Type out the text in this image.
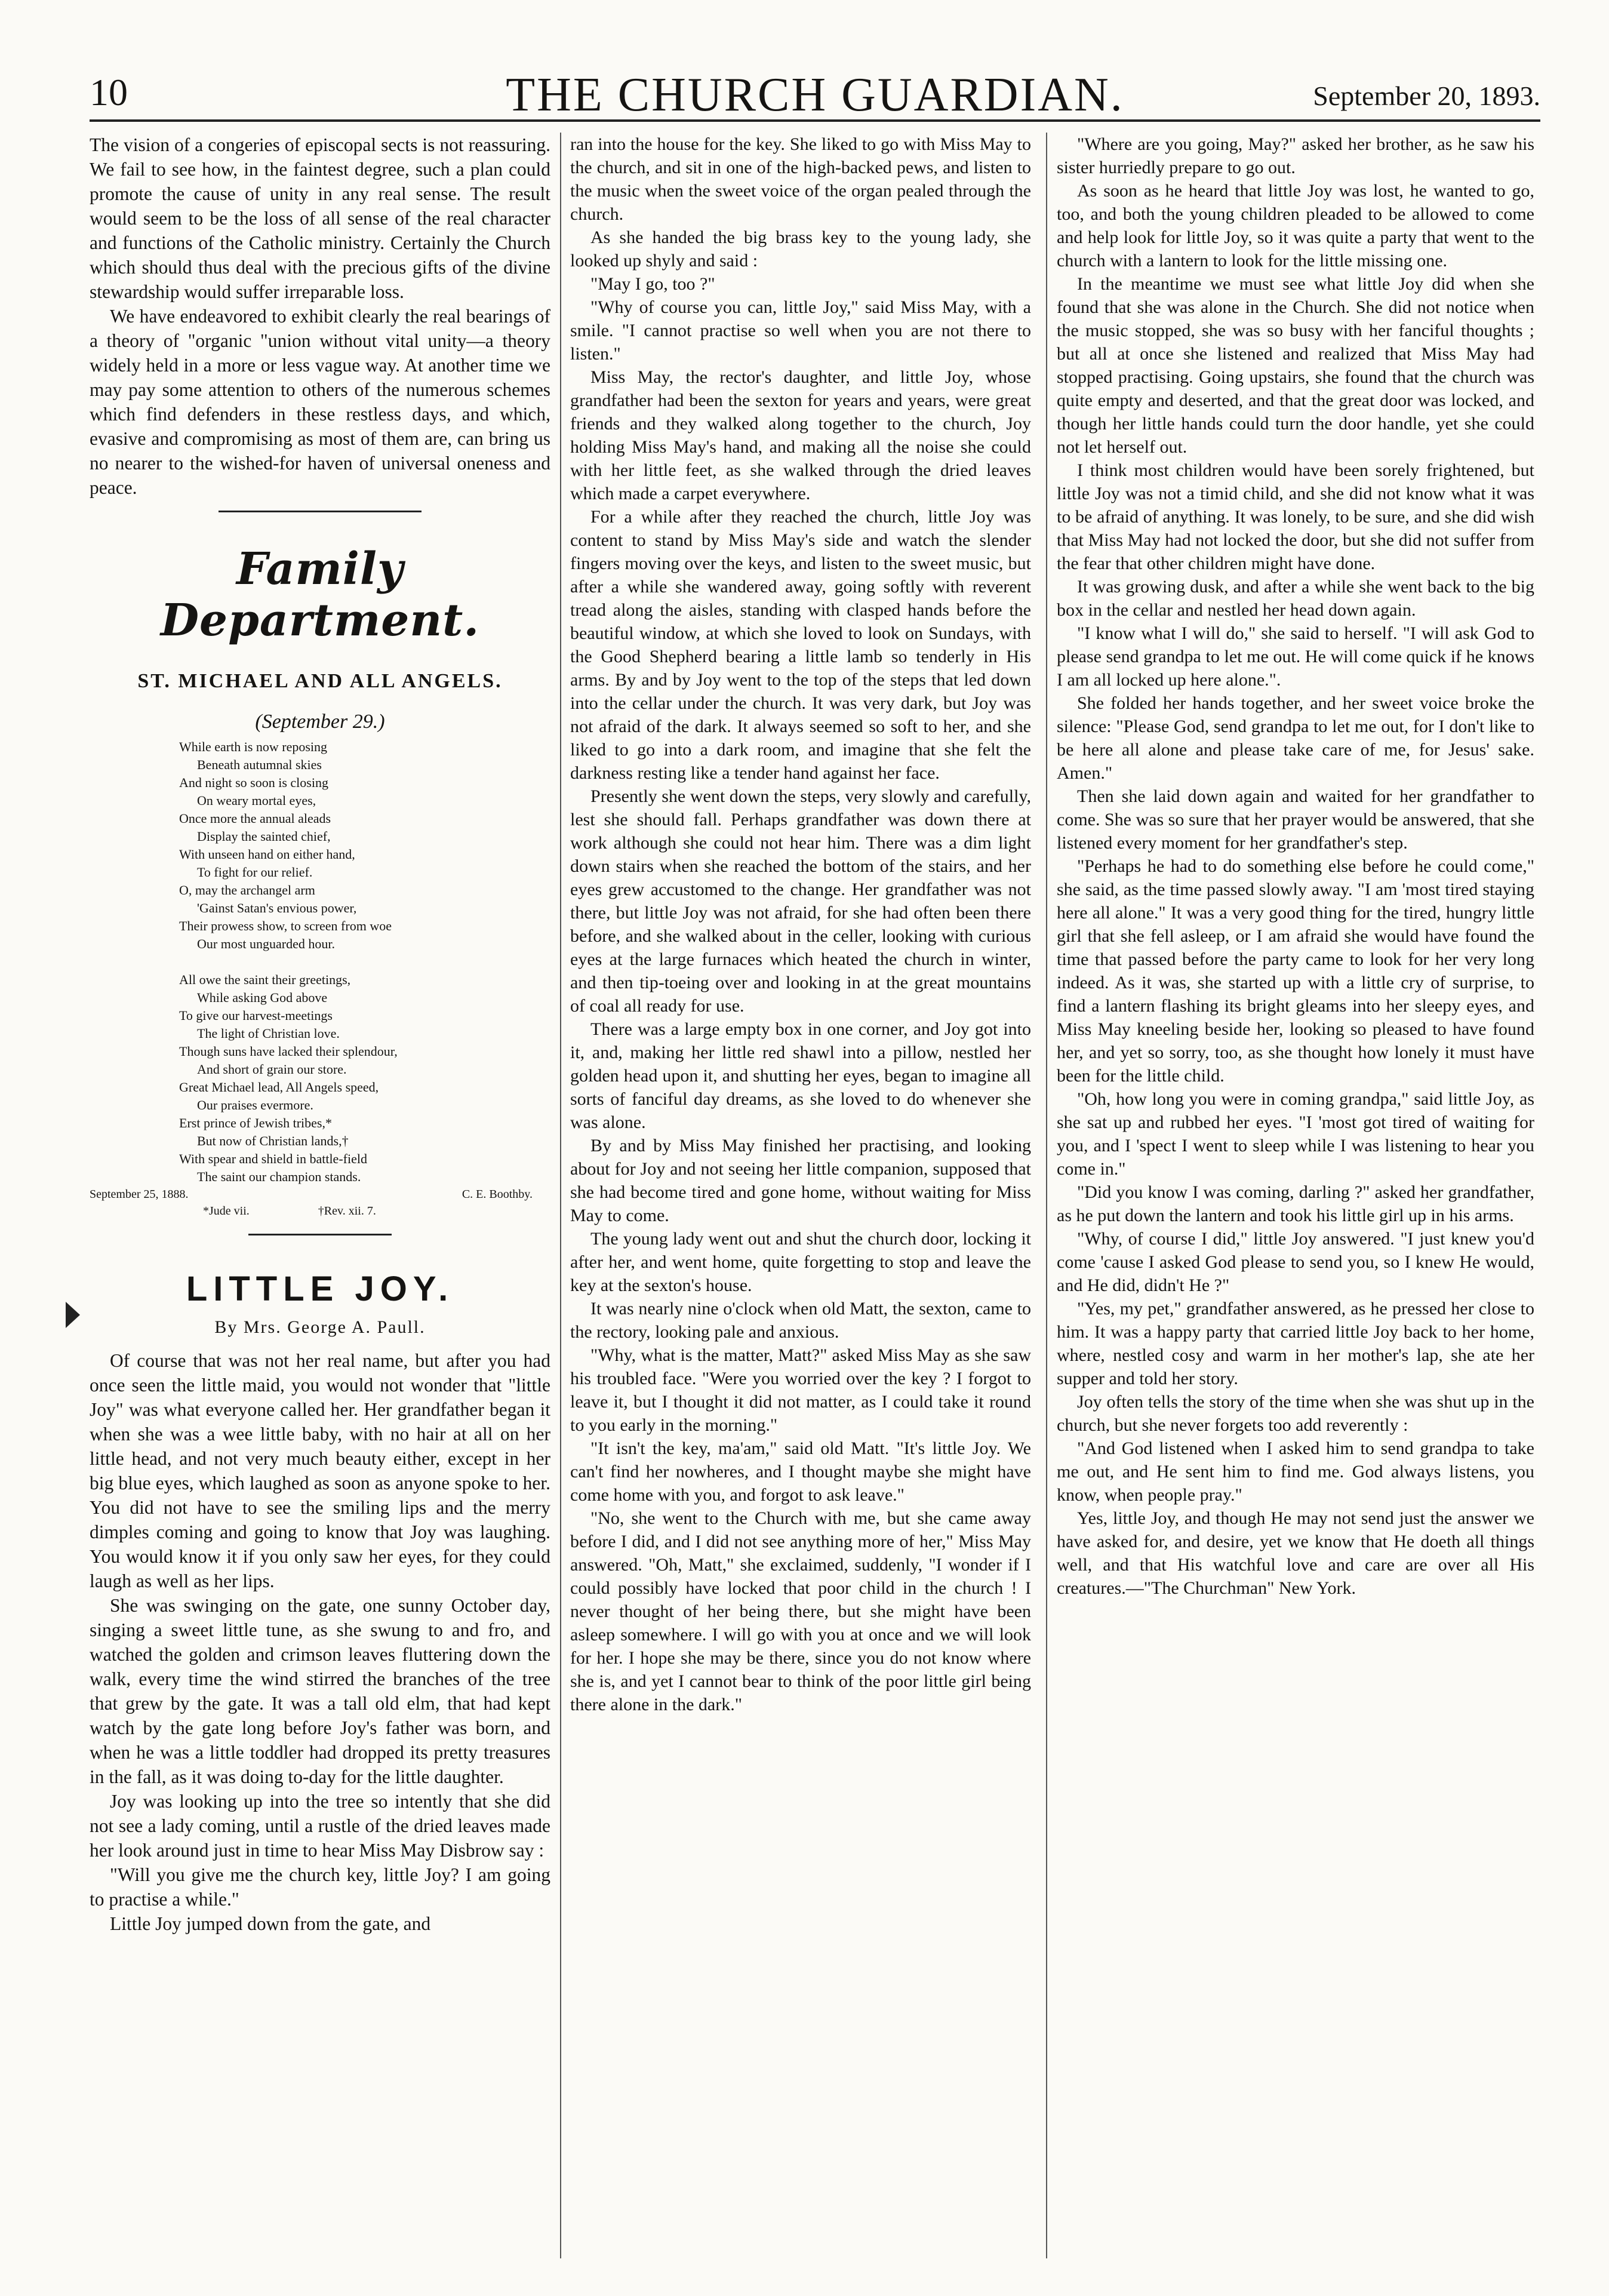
10	THE CHURCH GUARDIAN.	September 20, 1893.

The vision of a congeries of episcopal sects is not reassuring. We fail to see how, in the faintest degree, such a plan could promote the cause of unity in any real sense. The result would seem to be the loss of all sense of the real character and functions of the Catholic ministry. Certainly the Church which should thus deal with the precious gifts of the divine stewardship would suffer irreparable loss.

We have endeavored to exhibit clearly the real bearings of a theory of "organic "union without vital unity—a theory widely held in a more or less vague way. At another time we may pay some attention to others of the numerous schemes which find defenders in these restless days, and which, evasive and compromising as most of them are, can bring us no nearer to the wished-for haven of universal oneness and peace.

Family Department.
ST. MICHAEL AND ALL ANGELS.
(September 29.)
While earth is now reposing
Beneath autumnal skies
And night so soon is closing
On weary mortal eyes,
Once more the annual aleads
Display the sainted chief,
With unseen hand on either hand,
To fight for our relief.
O, may the archangel arm
'Gainst Satan's envious power,
Their prowess show, to screen from woe
Our most unguarded hour.
All owe the saint their greetings,
While asking God above
To give our harvest-meetings
The light of Christian love.
Though suns have lacked their splendour,
And short of grain our store.
Great Michael lead, All Angels speed,
Our praises evermore.
Erst prince of Jewish tribes,*
But now of Christian lands,†
With spear and shield in battle-field
The saint our champion stands.
September 25, 1888.	C. E. Boothby.
*Jude vii.	†Rev. xii. 7.
LITTLE JOY.
By Mrs. George A. Paull.

Of course that was not her real name, but after you had once seen the little maid, you would not wonder that "little Joy" was what everyone called her. Her grandfather began it when she was a wee little baby, with no hair at all on her little head, and not very much beauty either, except in her big blue eyes, which laughed as soon as anyone spoke to her. You did not have to see the smiling lips and the merry dimples coming and going to know that Joy was laughing. You would know it if you only saw her eyes, for they could laugh as well as her lips.

She was swinging on the gate, one sunny October day, singing a sweet little tune, as she swung to and fro, and watched the golden and crimson leaves fluttering down the walk, every time the wind stirred the branches of the tree that grew by the gate. It was a tall old elm, that had kept watch by the gate long before Joy's father was born, and when he was a little toddler had dropped its pretty treasures in the fall, as it was doing to-day for the little daughter.

Joy was looking up into the tree so intently that she did not see a lady coming, until a rustle of the dried leaves made her look around just in time to hear Miss May Disbrow say :

"Will you give me the church key, little Joy? I am going to practise a while."

Little Joy jumped down from the gate, and

ran into the house for the key. She liked to go with Miss May to the church, and sit in one of the high-backed pews, and listen to the music when the sweet voice of the organ pealed through the church.

As she handed the big brass key to the young lady, she looked up shyly and said :

"May I go, too ?"

"Why of course you can, little Joy," said Miss May, with a smile. "I cannot practise so well when you are not there to listen."

Miss May, the rector's daughter, and little Joy, whose grandfather had been the sexton for years and years, were great friends and they walked along together to the church, Joy holding Miss May's hand, and making all the noise she could with her little feet, as she walked through the dried leaves which made a carpet everywhere.

For a while after they reached the church, little Joy was content to stand by Miss May's side and watch the slender fingers moving over the keys, and listen to the sweet music, but after a while she wandered away, going softly with reverent tread along the aisles, standing with clasped hands before the beautiful window, at which she loved to look on Sundays, with the Good Shepherd bearing a little lamb so tenderly in His arms. By and by Joy went to the top of the steps that led down into the cellar under the church. It was very dark, but Joy was not afraid of the dark. It always seemed so soft to her, and she liked to go into a dark room, and imagine that she felt the darkness resting like a tender hand against her face.

Presently she went down the steps, very slowly and carefully, lest she should fall. Perhaps grandfather was down there at work although she could not hear him. There was a dim light down stairs when she reached the bottom of the stairs, and her eyes grew accustomed to the change. Her grandfather was not there, but little Joy was not afraid, for she had often been there before, and she walked about in the celler, looking with curious eyes at the large furnaces which heated the church in winter, and then tip-toeing over and looking in at the great mountains of coal all ready for use.

There was a large empty box in one corner, and Joy got into it, and, making her little red shawl into a pillow, nestled her golden head upon it, and shutting her eyes, began to imagine all sorts of fanciful day dreams, as she loved to do whenever she was alone.

By and by Miss May finished her practising, and looking about for Joy and not seeing her little companion, supposed that she had become tired and gone home, without waiting for Miss May to come.

The young lady went out and shut the church door, locking it after her, and went home, quite forgetting to stop and leave the key at the sexton's house.

It was nearly nine o'clock when old Matt, the sexton, came to the rectory, looking pale and anxious.

"Why, what is the matter, Matt?" asked Miss May as she saw his troubled face. "Were you worried over the key ? I forgot to leave it, but I thought it did not matter, as I could take it round to you early in the morning."

"It isn't the key, ma'am," said old Matt. "It's little Joy. We can't find her nowheres, and I thought maybe she might have come home with you, and forgot to ask leave."

"No, she went to the Church with me, but she came away before I did, and I did not see anything more of her," Miss May answered. "Oh, Matt," she exclaimed, suddenly, "I wonder if I could possibly have locked that poor child in the church ! I never thought of her being there, but she might have been asleep somewhere. I will go with you at once and we will look for her. I hope she may be there, since you do not know where she is, and yet I cannot bear to think of the poor little girl being there alone in the dark."

"Where are you going, May?" asked her brother, as he saw his sister hurriedly prepare to go out.

As soon as he heard that little Joy was lost, he wanted to go, too, and both the young children pleaded to be allowed to come and help look for little Joy, so it was quite a party that went to the church with a lantern to look for the little missing one.

In the meantime we must see what little Joy did when she found that she was alone in the Church. She did not notice when the music stopped, she was so busy with her fanciful thoughts ; but all at once she listened and realized that Miss May had stopped practising. Going upstairs, she found that the church was quite empty and deserted, and that the great door was locked, and though her little hands could turn the door handle, yet she could not let herself out.

I think most children would have been sorely frightened, but little Joy was not a timid child, and she did not know what it was to be afraid of anything. It was lonely, to be sure, and she did wish that Miss May had not locked the door, but she did not suffer from the fear that other children might have done.

It was growing dusk, and after a while she went back to the big box in the cellar and nestled her head down again.

"I know what I will do," she said to herself. "I will ask God to please send grandpa to let me out. He will come quick if he knows I am all locked up here alone.".

She folded her hands together, and her sweet voice broke the silence: "Please God, send grandpa to let me out, for I don't like to be here all alone and please take care of me, for Jesus' sake. Amen."

Then she laid down again and waited for her grandfather to come. She was so sure that her prayer would be answered, that she listened every moment for her grandfather's step.

"Perhaps he had to do something else before he could come," she said, as the time passed slowly away. "I am 'most tired staying here all alone." It was a very good thing for the tired, hungry little girl that she fell asleep, or I am afraid she would have found the time that passed before the party came to look for her very long indeed. As it was, she started up with a little cry of surprise, to find a lantern flashing its bright gleams into her sleepy eyes, and Miss May kneeling beside her, looking so pleased to have found her, and yet so sorry, too, as she thought how lonely it must have been for the little child.

"Oh, how long you were in coming grandpa," said little Joy, as she sat up and rubbed her eyes. "I 'most got tired of waiting for you, and I 'spect I went to sleep while I was listening to hear you come in."

"Did you know I was coming, darling ?" asked her grandfather, as he put down the lantern and took his little girl up in his arms.

"Why, of course I did," little Joy answered. "I just knew you'd come 'cause I asked God please to send you, so I knew He would, and He did, didn't He ?"

"Yes, my pet," grandfather answered, as he pressed her close to him. It was a happy party that carried little Joy back to her home, where, nestled cosy and warm in her mother's lap, she ate her supper and told her story.

Joy often tells the story of the time when she was shut up in the church, but she never forgets too add reverently :

"And God listened when I asked him to send grandpa to take me out, and He sent him to find me. God always listens, you know, when people pray."

Yes, little Joy, and though He may not send just the answer we have asked for, and desire, yet we know that He doeth all things well, and that His watchful love and care are over all His creatures.—"The Churchman" New York.
